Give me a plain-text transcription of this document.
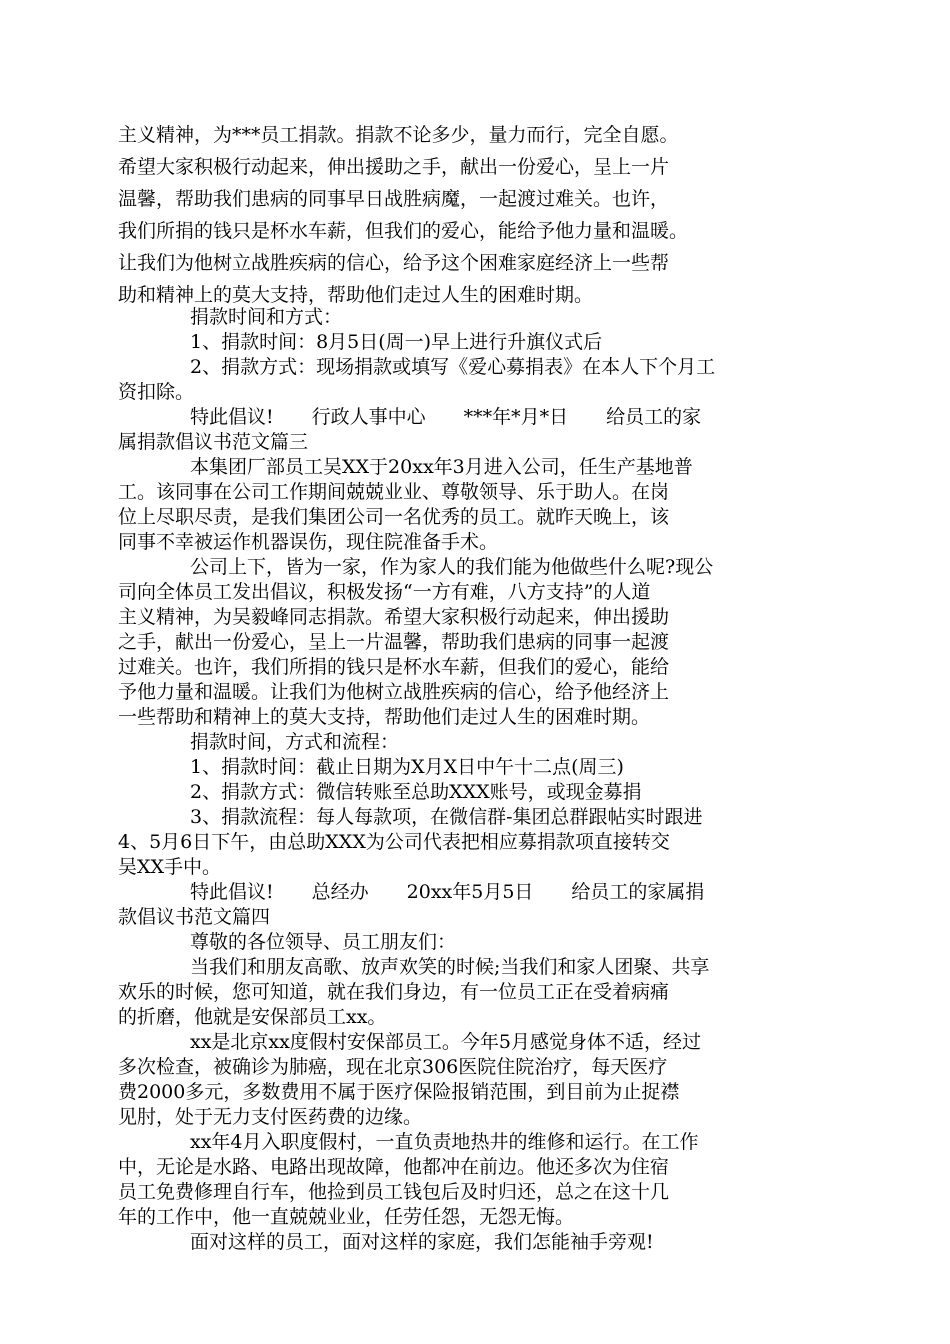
主义精神，为***员工捐款。捐款不论多少，量力而行，完全自愿。
希望大家积极行动起来，伸出援助之手，献出一份爱心，呈上一片
温馨，帮助我们患病的同事早日战胜病魔，一起渡过难关。也许，
我们所捐的钱只是杯水车薪，但我们的爱心，能给予他力量和温暖。
让我们为他树立战胜疾病的信心，给予这个困难家庭经济上一些帮
助和精神上的莫大支持，帮助他们走过人生的困难时期。
捐款时间和方式：
1、捐款时间：8月5日(周一)早上进行升旗仪式后
2、捐款方式：现场捐款或填写《爱心募捐表》在本人下个月工
资扣除。
特此倡议!　　行政人事中心　　***年*月*日　　给员工的家
属捐款倡议书范文篇三
本集团厂部员工吴XX于20xx年3月进入公司，任生产基地普
工。该同事在公司工作期间兢兢业业、尊敬领导、乐于助人。在岗
位上尽职尽责，是我们集团公司一名优秀的员工。就昨天晚上，该
同事不幸被运作机器误伤，现住院准备手术。
公司上下，皆为一家，作为家人的我们能为他做些什么呢?现公
司向全体员工发出倡议，积极发扬“一方有难，八方支持”的人道
主义精神，为吴毅峰同志捐款。希望大家积极行动起来，伸出援助
之手，献出一份爱心，呈上一片温馨，帮助我们患病的同事一起渡
过难关。也许，我们所捐的钱只是杯水车薪，但我们的爱心，能给
予他力量和温暖。让我们为他树立战胜疾病的信心，给予他经济上
一些帮助和精神上的莫大支持，帮助他们走过人生的困难时期。
捐款时间，方式和流程：
1、捐款时间：截止日期为X月X日中午十二点(周三)
2、捐款方式：微信转账至总助XXX账号，或现金募捐
3、捐款流程：每人每款项，在微信群-集团总群跟帖实时跟进
4、5月6日下午，由总助XXX为公司代表把相应募捐款项直接转交
吴XX手中。
特此倡议!　　总经办　　20xx年5月5日　　给员工的家属捐
款倡议书范文篇四
尊敬的各位领导、员工朋友们：
当我们和朋友高歌、放声欢笑的时候;当我们和家人团聚、共享
欢乐的时候，您可知道，就在我们身边，有一位员工正在受着病痛
的折磨，他就是安保部员工xx。
xx是北京xx度假村安保部员工。今年5月感觉身体不适，经过
多次检查，被确诊为肺癌，现在北京306医院住院治疗，每天医疗
费2000多元，多数费用不属于医疗保险报销范围，到目前为止捉襟
见肘，处于无力支付医药费的边缘。
xx年4月入职度假村，一直负责地热井的维修和运行。在工作
中，无论是水路、电路出现故障，他都冲在前边。他还多次为住宿
员工免费修理自行车，他捡到员工钱包后及时归还，总之在这十几
年的工作中，他一直兢兢业业，任劳任怨，无怨无悔。
面对这样的员工，面对这样的家庭，我们怎能袖手旁观!
